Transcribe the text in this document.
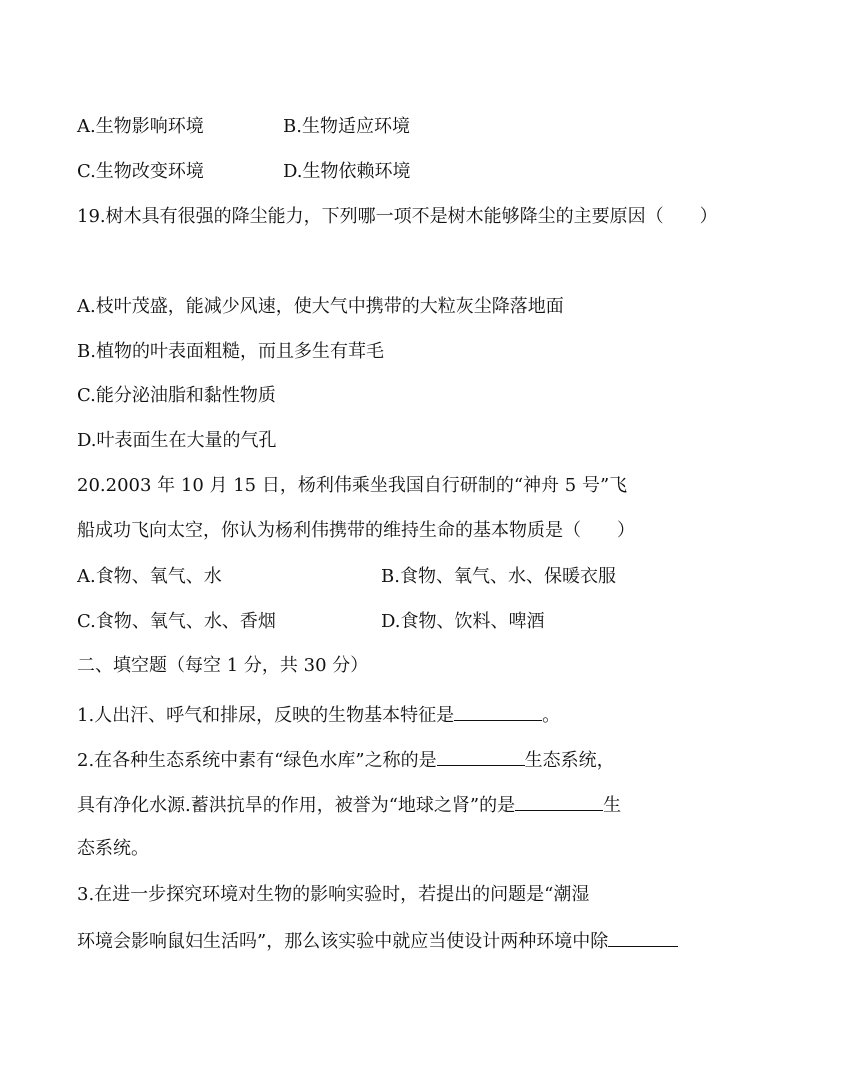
A.生物影响环境	B.生物适应环境
C.生物改变环境	D.生物依赖环境
19.树木具有很强的降尘能力，下列哪一项不是树木能够降尘的主要原因（　　）
A.枝叶茂盛，能减少风速，使大气中携带的大粒灰尘降落地面
B.植物的叶表面粗糙，而且多生有茸毛
C.能分泌油脂和黏性物质
D.叶表面生在大量的气孔
20.2003 年 10 月 15 日，杨利伟乘坐我国自行研制的“神舟 5 号”飞
船成功飞向太空，你认为杨利伟携带的维持生命的基本物质是（　　）
A.食物、氧气、水	B.食物、氧气、水、保暖衣服
C.食物、氧气、水、香烟	D.食物、饮料、啤酒
二、填空题（每空 1 分，共 30 分）
1.人出汗、呼气和排尿，反映的生物基本特征是	。
2.在各种生态系统中素有“绿色水库”之称的是	生态系统，
具有净化水源.蓄洪抗旱的作用，被誉为“地球之肾”的是	生
态系统。
3.在进一步探究环境对生物的影响实验时，若提出的问题是“潮湿
环境会影响鼠妇生活吗”，那么该实验中就应当使设计两种环境中除
